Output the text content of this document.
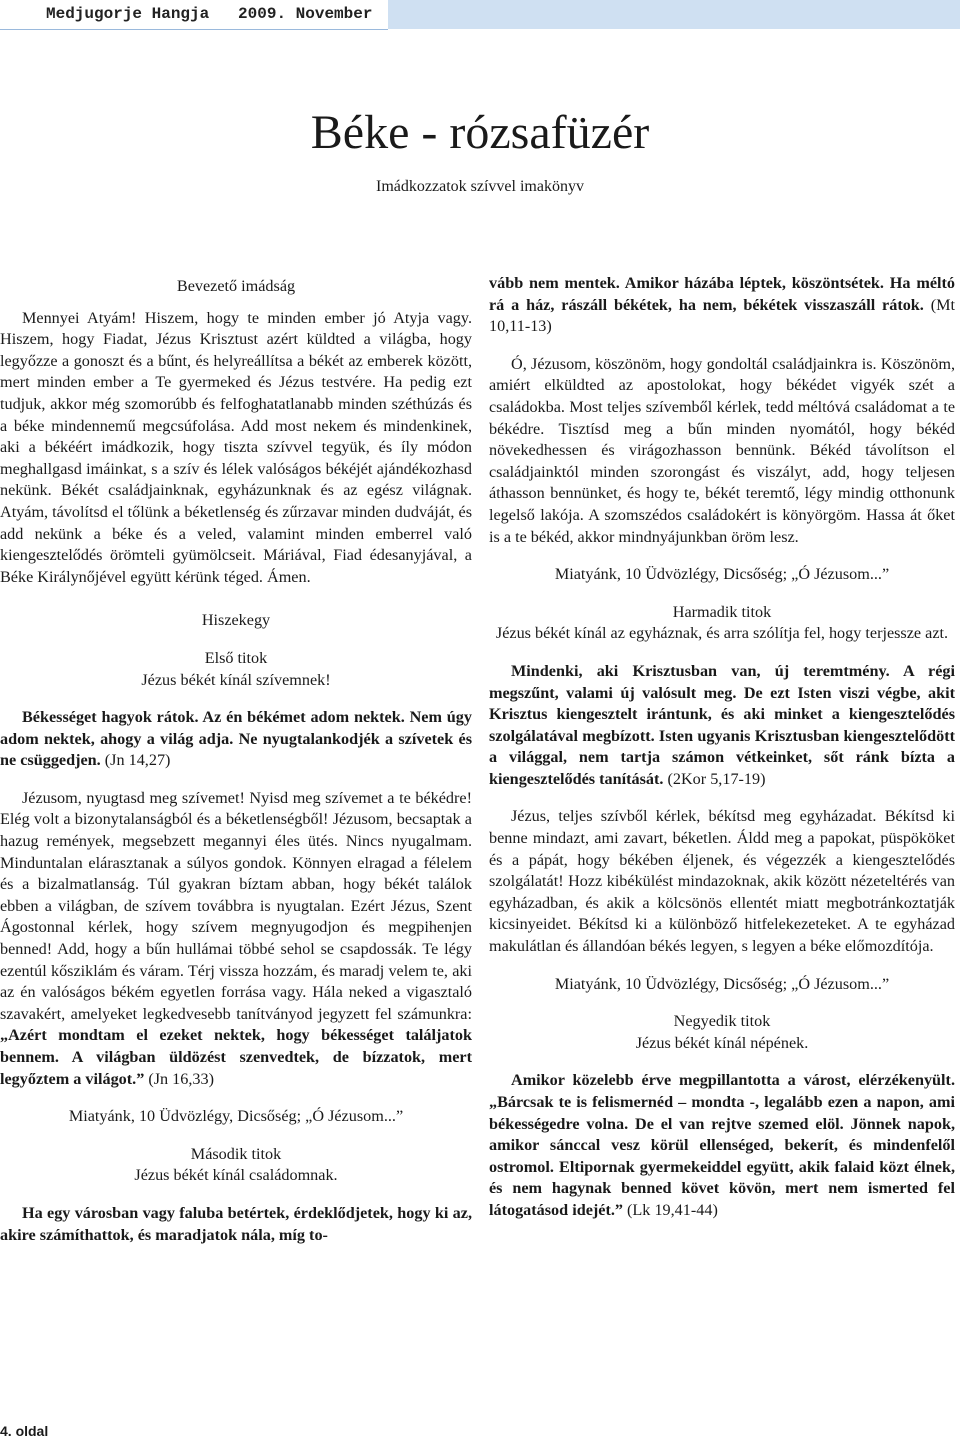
Medjugorje Hangja   2009. November
Béke - rózsafüzér
Imádkozzatok szívvel imakönyv

Bevezető imádság

Mennyei Atyám! Hiszem, hogy te minden ember jó Atyja vagy. Hiszem, hogy Fiadat, Jézus Krisztust azért küldted a világba, hogy legyőzze a gonoszt és a bűnt, és helyreállítsa a békét az emberek között, mert minden ember a Te gyermeked és Jézus testvére. Ha pedig ezt tudjuk, akkor még szomorúbb és felfoghatatlanabb minden széthúzás és a béke mindennemű megcsúfolása. Add most nekem és mindenkinek, aki a békéért imádkozik, hogy tiszta szívvel tegyük, és íly módon meghallgasd imáinkat, s a szív és lélek valóságos békéjét ajándékozhasd nekünk. Békét családjainknak, egyházunknak és az egész világnak. Atyám, távolítsd el tőlünk a béketlenség és zűrzavar minden dudváját, és add nekünk a béke és a veled, valamint minden emberrel való kiengesztelődés örömteli gyümölcseit. Máriával, Fiad édesanyjával, a Béke Királynőjével együtt kérünk téged. Ámen.

Hiszekegy

Első titok

Jézus békét kínál szívemnek!

Békességet hagyok rátok. Az én békémet adom nektek. Nem úgy adom nektek, ahogy a világ adja. Ne nyugtalankodjék a szívetek és ne csüggedjen. (Jn 14,27)

Jézusom, nyugtasd meg szívemet! Nyisd meg szívemet a te békédre! Elég volt a bizonytalanságból és a béketlenségből! Jézusom, becsaptak a hazug remények, megsebzett megannyi éles ütés. Nincs nyugalmam. Minduntalan elárasztanak a súlyos gondok. Könnyen elragad a félelem és a bizalmatlanság. Túl gyakran bíztam abban, hogy békét találok ebben a világban, de szívem továbbra is nyugtalan. Ezért Jézus, Szent Ágostonnal kérlek, hogy szívem megnyugodjon és megpihenjen benned! Add, hogy a bűn hullámai többé sehol se csapdossák. Te légy ezentúl kősziklám és váram. Térj vissza hozzám, és maradj velem te, aki az én valóságos békém egyetlen forrása vagy. Hála neked a vigasztaló szavakért, amelyeket legkedvesebb tanítványod jegyzett fel számunkra: „Azért mondtam el ezeket nektek, hogy békességet találjatok bennem. A világban üldözést szenvedtek, de bízzatok, mert legyőztem a világot.” (Jn 16,33)

Miatyánk, 10 Üdvözlégy, Dicsőség; „Ó Jézusom...”

Második titok

Jézus békét kínál családomnak.

Ha egy városban vagy faluba betértek, érdeklődjetek, hogy ki az, akire számíthattok, és maradjatok nála, míg to-

vább nem mentek. Amikor házába léptek, köszöntsétek. Ha méltó rá a ház, rászáll békétek, ha nem, békétek visszaszáll rátok. (Mt 10,11-13)

Ó, Jézusom, köszönöm, hogy gondoltál családjainkra is. Köszönöm, amiért elküldted az apostolokat, hogy békédet vigyék szét a családokba. Most teljes szívemből kérlek, tedd méltóvá családomat a te békédre. Tisztísd meg a bűn minden nyomától, hogy békéd növekedhessen és virágozhasson bennünk. Békéd távolítson el családjainktól minden szorongást és viszályt, add, hogy teljesen áthasson bennünket, és hogy te, békét teremtő, légy mindig otthonunk legelső lakója. A szomszédos családokért is könyörgöm. Hassa át őket is a te békéd, akkor mindnyájunkban öröm lesz.

Miatyánk, 10 Üdvözlégy, Dicsőség; „Ó Jézusom...”

Harmadik titok

Jézus békét kínál az egyháznak, és arra szólítja fel, hogy terjessze azt.

Mindenki, aki Krisztusban van, új teremtmény. A régi megszűnt, valami új valósult meg. De ezt Isten viszi végbe, akit Krisztus kiengesztelt irántunk, és aki minket a kiengesztelődés szolgálatával megbízott. Isten ugyanis Krisztusban kiengesztelődött a világgal, nem tartja számon vétkeinket, sőt ránk bízta a kiengesztelődés tanítását. (2Kor 5,17-19)

Jézus, teljes szívből kérlek, békítsd meg egyházadat. Békítsd ki benne mindazt, ami zavart, béketlen. Áldd meg a papokat, püspököket és a pápát, hogy békében éljenek, és végezzék a kiengesztelődés szolgálatát! Hozz kibékülést mindazoknak, akik között nézeteltérés van egyházadban, és akik a kölcsönös ellentét miatt megbotránkoztatják kicsinyeidet. Békítsd ki a különböző hitfelekezeteket. A te egyházad makulátlan és állandóan békés legyen, s legyen a béke előmozdítója.

Miatyánk, 10 Üdvözlégy, Dicsőség; „Ó Jézusom...”

Negyedik titok

Jézus békét kínál népének.

Amikor közelebb érve megpillantotta a várost, elérzékenyült. „Bárcsak te is felismernéd – mondta -, legalább ezen a napon, ami békességedre volna. De el van rejtve szemed elöl. Jönnek napok, amikor sánccal vesz körül ellenséged, bekerít, és mindenfelől ostromol. Eltipornak gyermekeiddel együtt, akik falaid közt élnek, és nem hagynak benned követ kövön, mert nem ismerted fel látogatásod idejét.” (Lk 19,41-44)

4. oldal
